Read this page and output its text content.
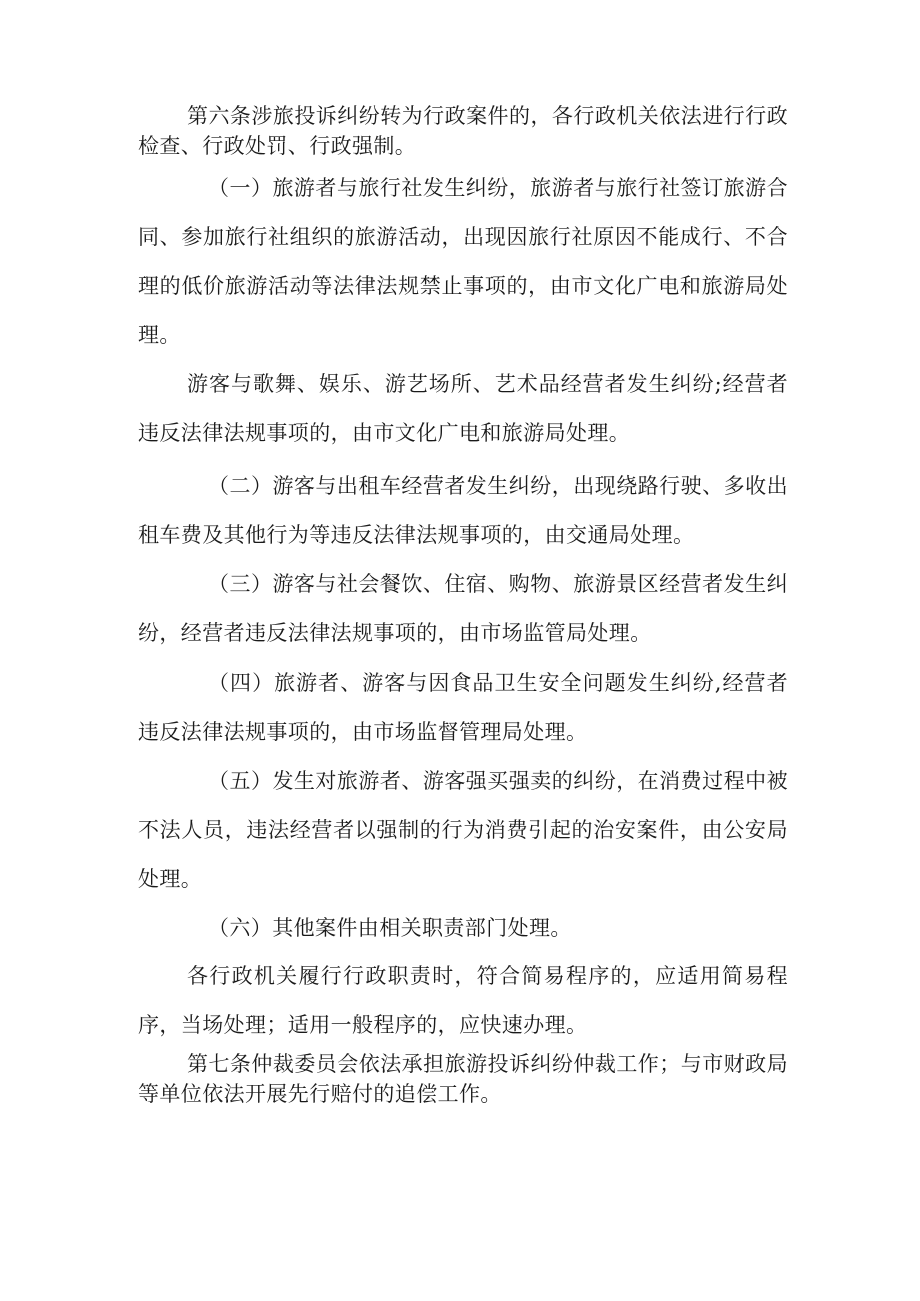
第六条涉旅投诉纠纷转为行政案件的，各行政机关依法进行行政检查、行政处罚、行政强制。

（一）旅游者与旅行社发生纠纷，旅游者与旅行社签订旅游合同、参加旅行社组织的旅游活动，出现因旅行社原因不能成行、不合理的低价旅游活动等法律法规禁止事项的，由市文化广电和旅游局处理。

游客与歌舞、娱乐、游艺场所、艺术品经营者发生纠纷;经营者违反法律法规事项的，由市文化广电和旅游局处理。

（二）游客与出租车经营者发生纠纷，出现绕路行驶、多收出租车费及其他行为等违反法律法规事项的，由交通局处理。

（三）游客与社会餐饮、住宿、购物、旅游景区经营者发生纠纷，经营者违反法律法规事项的，由市场监管局处理。

（四）旅游者、游客与因食品卫生安全问题发生纠纷,经营者违反法律法规事项的，由市场监督管理局处理。

（五）发生对旅游者、游客强买强卖的纠纷，在消费过程中被不法人员，违法经营者以强制的行为消费引起的治安案件，由公安局处理。

（六）其他案件由相关职责部门处理。

各行政机关履行行政职责时，符合简易程序的，应适用简易程序，当场处理；适用一般程序的，应快速办理。

第七条仲裁委员会依法承担旅游投诉纠纷仲裁工作；与市财政局等单位依法开展先行赔付的追偿工作。
